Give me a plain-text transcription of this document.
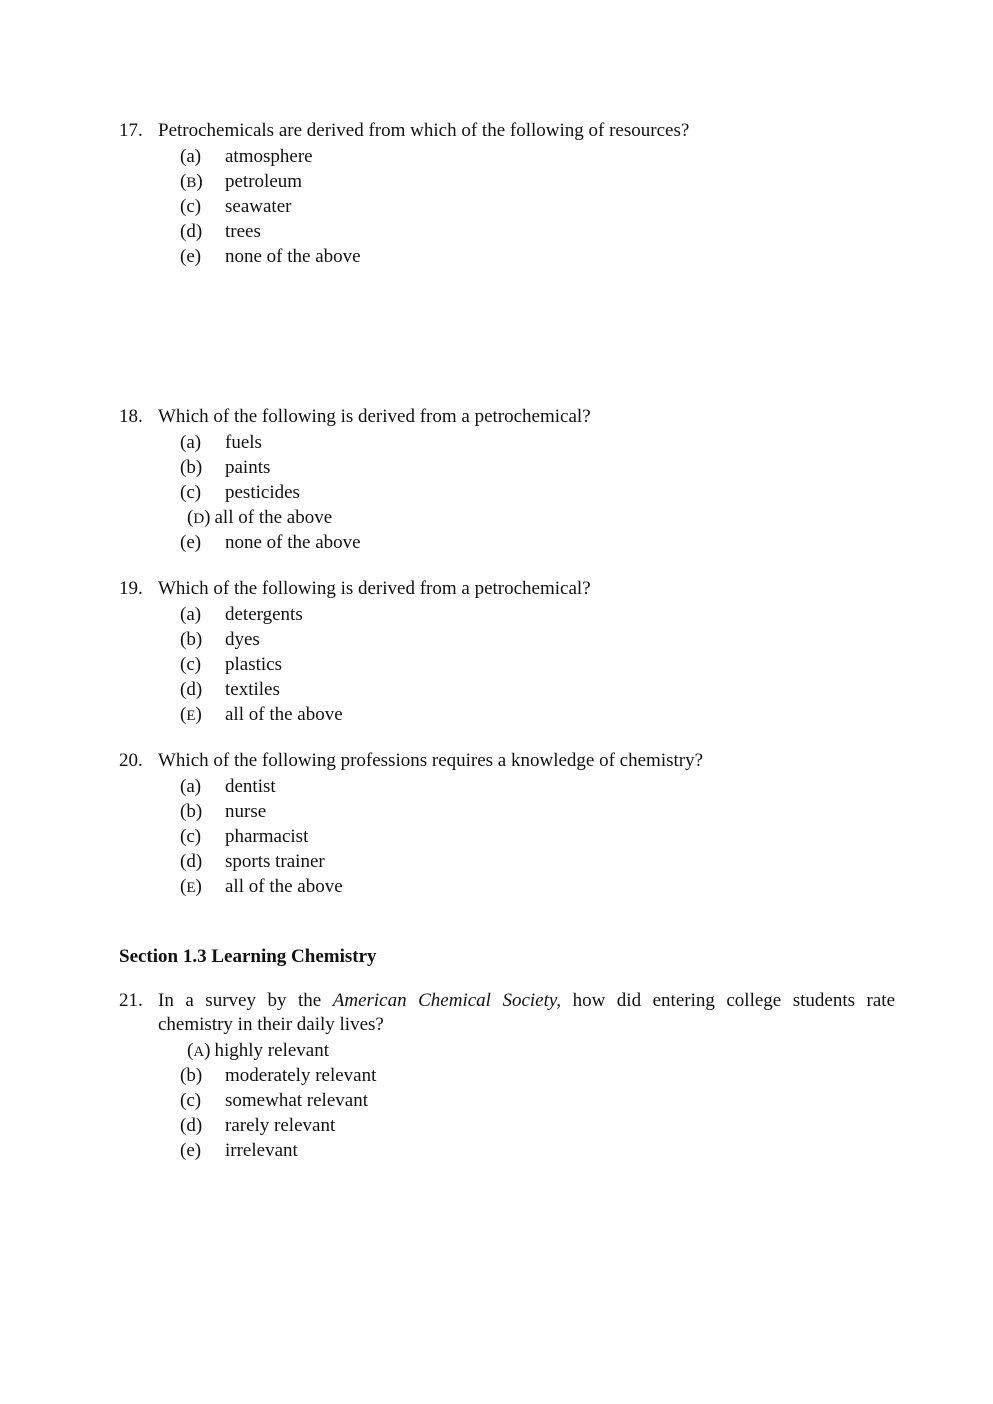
17. Petrochemicals are derived from which of the following of resources?
(a)	atmosphere
(B)	petroleum
(c)	seawater
(d)	trees
(e)	none of the above
18. Which of the following is derived from a petrochemical?
(a)	fuels
(b)	paints
(c)	pesticides
(D) all of the above
(e)	none of the above
19. Which of the following is derived from a petrochemical?
(a)	detergents
(b)	dyes
(c)	plastics
(d)	textiles
(E)	all of the above
20. Which of the following professions requires a knowledge of chemistry?
(a)	dentist
(b)	nurse
(c)	pharmacist
(d)	sports trainer
(E)	all of the above
Section 1.3 Learning Chemistry
21. In a survey by the American Chemical Society, how did entering college students rate
chemistry in their daily lives?
(A) highly relevant
(b)	moderately relevant
(c)	somewhat relevant
(d)	rarely relevant
(e)	irrelevant
